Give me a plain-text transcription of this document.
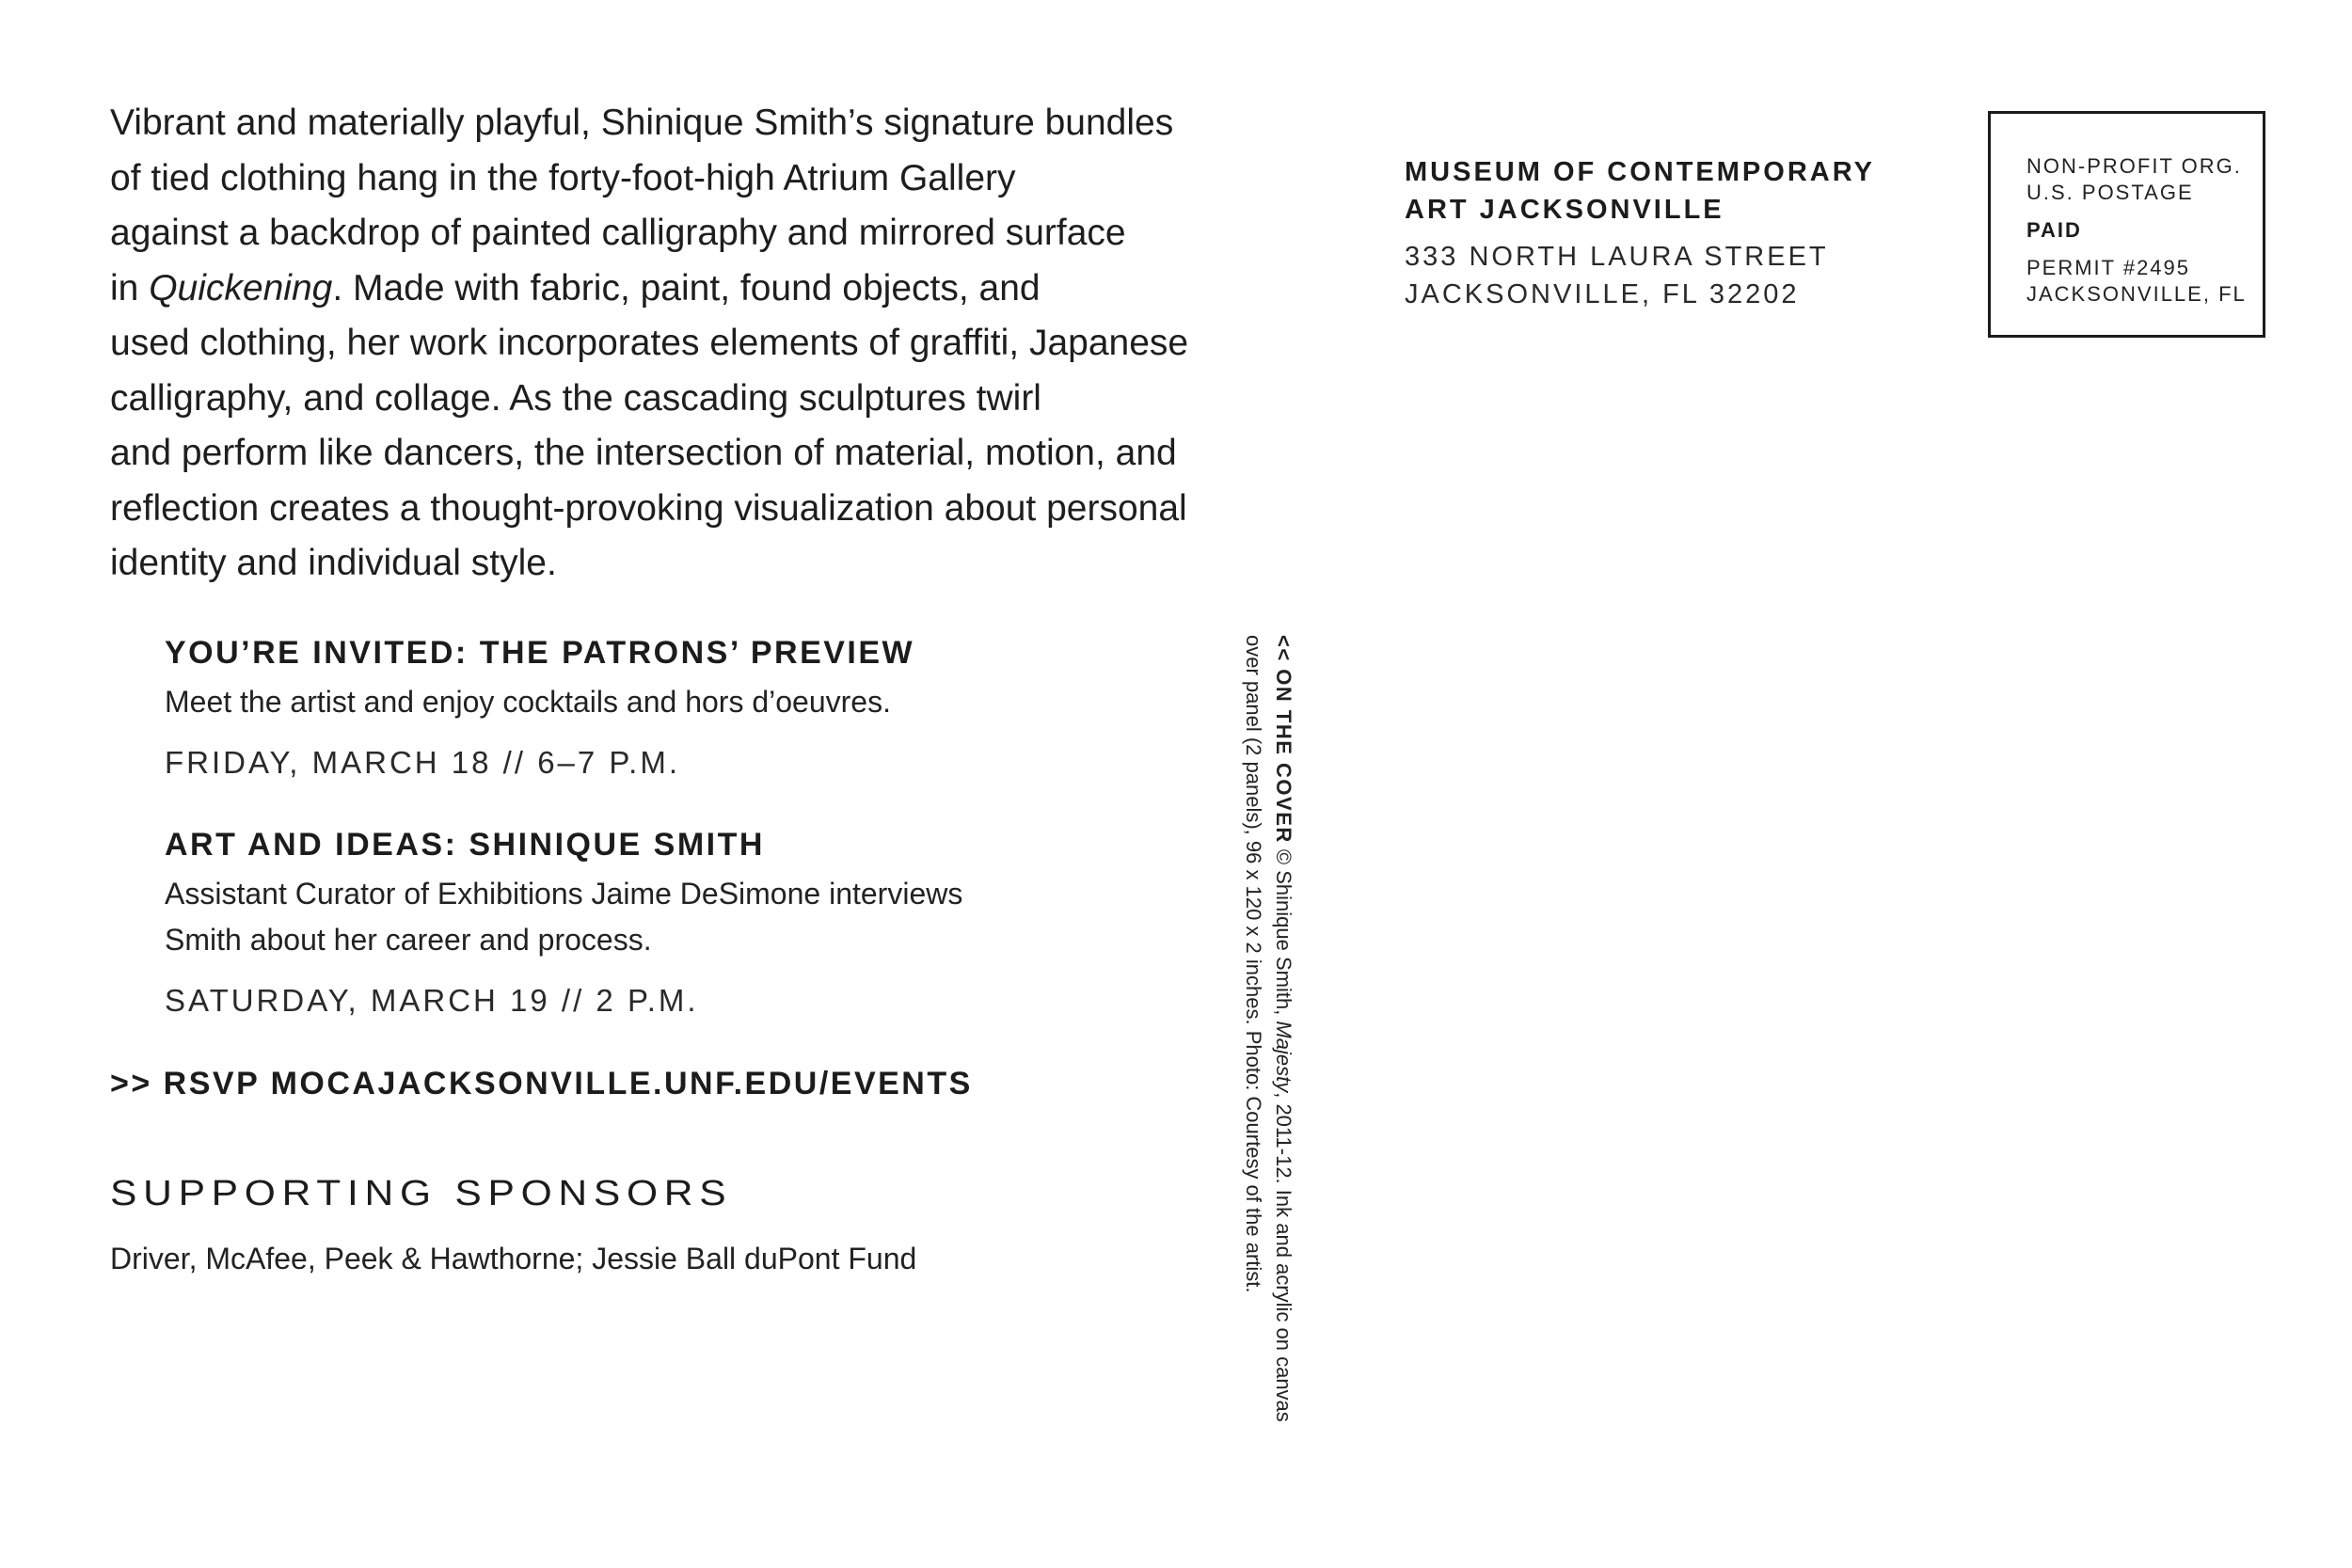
Vibrant and materially playful, Shinique Smith’s signature bundles
of tied clothing hang in the forty-foot-high Atrium Gallery
against a backdrop of painted calligraphy and mirrored surface
in Quickening. Made with fabric, paint, found objects, and
used clothing, her work incorporates elements of graffiti, Japanese
calligraphy, and collage. As the cascading sculptures twirl
and perform like dancers, the intersection of material, motion, and
reflection creates a thought-provoking visualization about personal
identity and individual style.
YOU’RE INVITED: THE PATRONS’ PREVIEW
Meet the artist and enjoy cocktails and hors d’oeuvres.
FRIDAY, MARCH 18 // 6–7 P.M.
ART AND IDEAS: SHINIQUE SMITH
Assistant Curator of Exhibitions Jaime DeSimone interviews
Smith about her career and process.
SATURDAY, MARCH 19 // 2 P.M.
>> RSVP MOCAJACKSONVILLE.UNF.EDU/EVENTS
SUPPORTING SPONSORS
Driver, McAfee, Peek & Hawthorne; Jessie Ball duPont Fund
<< ON THE COVER © Shinique Smith, Majesty, 2011-12. Ink and acrylic on canvas
over panel (2 panels), 96 x 120 x 2 inches. Photo: Courtesy of the artist.
MUSEUM OF CONTEMPORARY
ART JACKSONVILLE
333 NORTH LAURA STREET
JACKSONVILLE, FL 32202
NON-PROFIT ORG.
U.S. POSTAGE
PAID
PERMIT #2495
JACKSONVILLE, FL
